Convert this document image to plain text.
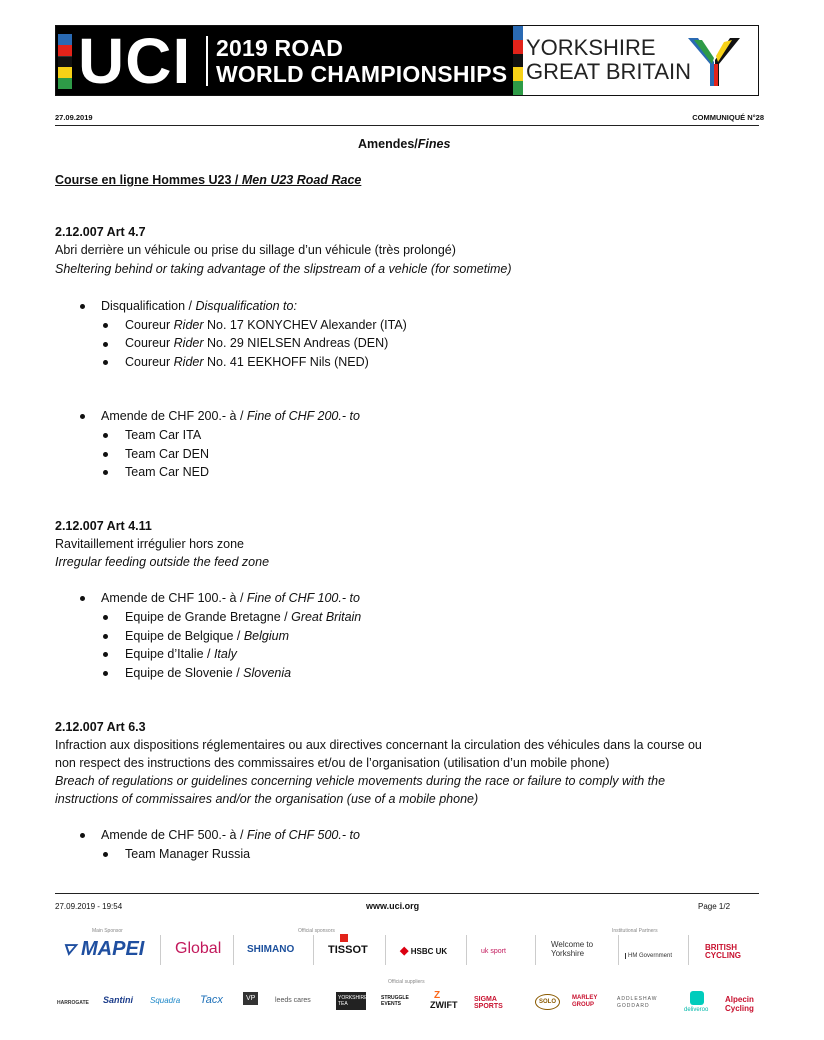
UCI 2019 ROAD
WORLD CHAMPIONSHIPS
YORKSHIRE
GREAT BRITAIN
27.09.2019	COMMUNIQUÉ N°28
Amendes/Fines
Course en ligne Hommes U23 / Men U23 Road Race
2.12.007 Art 4.7
Abri derrière un véhicule ou prise du sillage d’un véhicule (très prolongé)
Sheltering behind or taking advantage of the slipstream of a vehicle (for sometime)
Disqualification / Disqualification to:
Coureur Rider No. 17 KONYCHEV Alexander (ITA)
Coureur Rider No. 29 NIELSEN Andreas (DEN)
Coureur Rider No. 41 EEKHOFF Nils (NED)
Amende de CHF 200.- à / Fine of CHF 200.- to
Team Car ITA
Team Car DEN
Team Car NED
2.12.007 Art 4.11
Ravitaillement irrégulier hors zone
Irregular feeding outside the feed zone
Amende de CHF 100.- à / Fine of CHF 100.- to
Equipe de Grande Bretagne / Great Britain
Equipe de Belgique / Belgium
Equipe d’Italie / Italy
Equipe de Slovenie / Slovenia
2.12.007 Art 6.3
Infraction aux dispositions réglementaires ou aux directives concernant la circulation des véhicules dans la course ou
non respect des instructions des commissaires et/ou de l’organisation (utilisation d’un mobile phone)
Breach of regulations or guidelines concerning vehicle movements during the race or failure to comply with the
instructions of commissaires and/or the organisation (use of a mobile phone)
Amende de CHF 500.- à / Fine of CHF 500.- to
Team Manager Russia
27.09.2019 - 19:54	www.uci.org	Page 1/2
Main Sponsor	Official sponsors	Institutional Partners
Official suppliers
⛛ MAPEI Global	SHIMANO	TISSOT	◆ HSBC UK	uk sport
Welcome to Yorkshire	HM Government
BRITISH CYCLING
HARROGATE Santini Squadra Tacx	VP	leeds cares	YORKSHIRE TEA
STRUGGLE EVENTS
Z
ZWIFT
SIGMA SPORTS
SOLO
MARLEY GROUP
ADDLESHAW GODDARD
deliveroo
Alpecin Cycling
